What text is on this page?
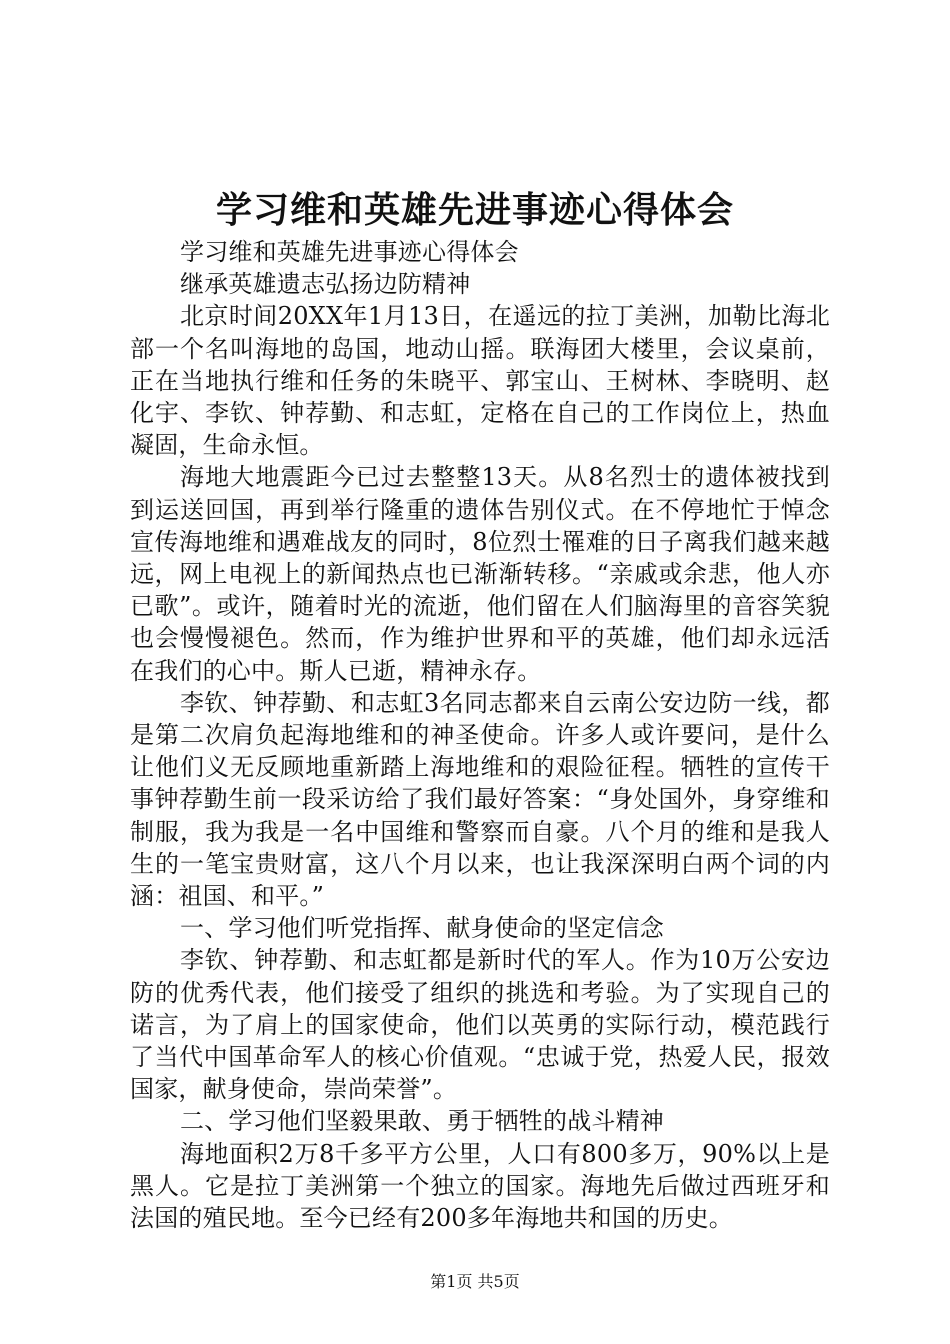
学习维和英雄先进事迹心得体会

学习维和英雄先进事迹心得体会

继承英雄遗志弘扬边防精神

北京时间20XX年1月13日，在遥远的拉丁美洲，加勒比海北部一个名叫海地的岛国，地动山摇。联海团大楼里，会议桌前，正在当地执行维和任务的朱晓平、郭宝山、王树林、李晓明、赵化宇、李钦、钟荐勤、和志虹，定格在自己的工作岗位上，热血凝固，生命永恒。

海地大地震距今已过去整整13天。从8名烈士的遗体被找到到运送回国，再到举行隆重的遗体告别仪式。在不停地忙于悼念宣传海地维和遇难战友的同时，8位烈士罹难的日子离我们越来越远，网上电视上的新闻热点也已渐渐转移。“亲戚或余悲，他人亦已歌”。或许，随着时光的流逝，他们留在人们脑海里的音容笑貌也会慢慢褪色。然而，作为维护世界和平的英雄，他们却永远活在我们的心中。斯人已逝，精神永存。

李钦、钟荐勤、和志虹3名同志都来自云南公安边防一线，都是第二次肩负起海地维和的神圣使命。许多人或许要问，是什么让他们义无反顾地重新踏上海地维和的艰险征程。牺牲的宣传干事钟荐勤生前一段采访给了我们最好答案：“身处国外，身穿维和制服，我为我是一名中国维和警察而自豪。八个月的维和是我人生的一笔宝贵财富，这八个月以来，也让我深深明白两个词的内涵：祖国、和平。”

一、学习他们听党指挥、献身使命的坚定信念

李钦、钟荐勤、和志虹都是新时代的军人。作为10万公安边防的优秀代表，他们接受了组织的挑选和考验。为了实现自己的诺言，为了肩上的国家使命，他们以英勇的实际行动，模范践行了当代中国革命军人的核心价值观。“忠诚于党，热爱人民，报效国家，献身使命，崇尚荣誉”。

二、学习他们坚毅果敢、勇于牺牲的战斗精神

海地面积2万8千多平方公里，人口有800多万，90%以上是黑人。它是拉丁美洲第一个独立的国家。海地先后做过西班牙和法国的殖民地。至今已经有200多年海地共和国的历史。

第1页 共5页
